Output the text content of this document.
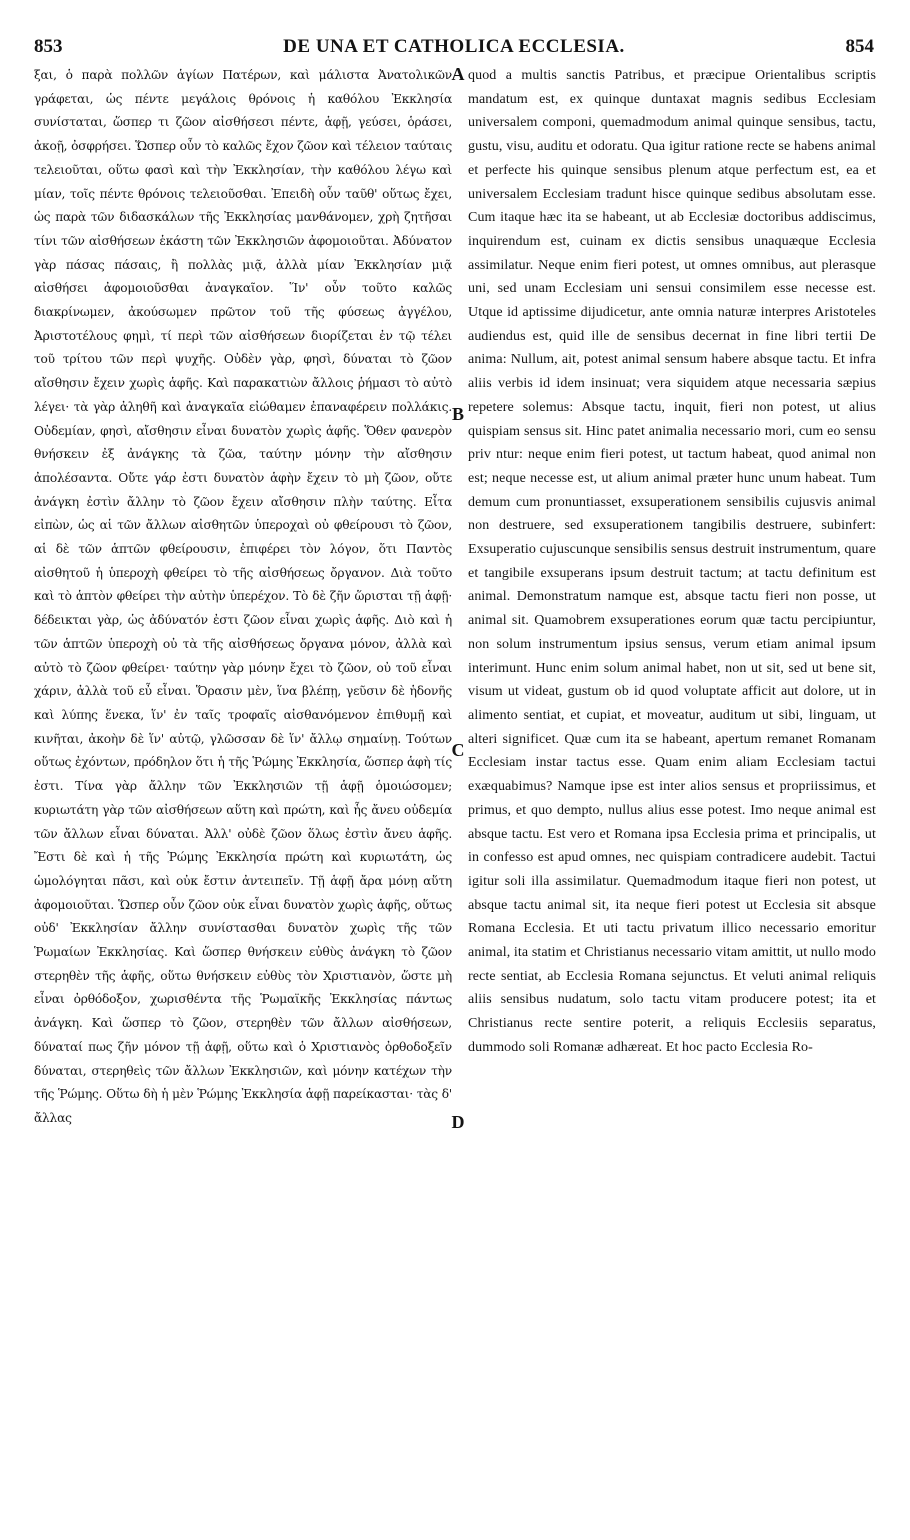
853	DE UNA ET CATHOLICA ECCLESIA.	854

ξαι, ὁ παρὰ πολλῶν ἁγίων Πατέρων, καὶ μάλιστα Ἀνατολικῶν γράφεται, ὡς πέντε μεγάλοις θρόνοις ἡ καθόλου Ἐκκλησία συνίσταται, ὥσπερ τι ζῶον αἰσθήσεσι πέντε, ἁφῇ, γεύσει, ὁράσει, ἀκοῇ, ὀσφρήσει. Ὥσπερ οὖν τὸ καλῶς ἔχον ζῶον καὶ τέλειον ταύταις τελειοῦται, οὕτω φασὶ καὶ τὴν Ἐκκλησίαν, τὴν καθόλου λέγω καὶ μίαν, τοῖς πέντε θρόνοις τελειοῦσθαι. Ἐπειδὴ οὖν ταῦθ' οὕτως ἔχει, ὡς παρὰ τῶν διδασκάλων τῆς Ἐκκλησίας μανθάνομεν, χρὴ ζητῆσαι τίνι τῶν αἰσθήσεων ἑκάστη τῶν Ἐκκλησιῶν ἀφομοιοῦται. Ἀδύνατον γὰρ πάσας πάσαις, ἢ πολλὰς μιᾷ, ἀλλὰ μίαν Ἐκκλησίαν μιᾷ αἰσθήσει ἀφομοιοῦσθαι ἀναγκαῖον. Ἵν' οὖν τοῦτο καλῶς διακρίνωμεν, ἀκούσωμεν πρῶτον τοῦ τῆς φύσεως ἀγγέλου, Ἀριστοτέλους φημὶ, τί περὶ τῶν αἰσθήσεων διορίζεται ἐν τῷ τέλει τοῦ τρίτου τῶν περὶ ψυχῆς. Οὐδὲν γὰρ, φησὶ, δύναται τὸ ζῶον αἴσθησιν ἔχειν χωρὶς ἁφῆς. Καὶ παρακατιὼν ἄλλοις ῥήμασι τὸ αὐτὸ λέγει· τὰ γὰρ ἀληθῆ καὶ ἀναγκαῖα εἰώθαμεν ἐπαναφέρειν πολλάκις. Οὐδεμίαν, φησὶ, αἴσθησιν εἶναι δυνατὸν χωρὶς ἁφῆς. Ὅθεν φανερὸν θνήσκειν ἐξ ἀνάγκης τὰ ζῶα, ταύτην μόνην τὴν αἴσθησιν ἀπολέσαντα. Οὔτε γάρ ἐστι δυνατὸν ἁφὴν ἔχειν τὸ μὴ ζῶον, οὔτε ἀνάγκη ἐστὶν ἄλλην τὸ ζῶον ἔχειν αἴσθησιν πλὴν ταύτης. Εἶτα εἰπὼν, ὡς αἱ τῶν ἄλλων αἰσθητῶν ὑπεροχαὶ οὐ φθείρουσι τὸ ζῶον, αἱ δὲ τῶν ἁπτῶν φθείρουσιν, ἐπιφέρει τὸν λόγον, ὅτι Παντὸς αἰσθητοῦ ἡ ὑπεροχὴ φθείρει τὸ τῆς αἰσθήσεως ὄργανον. Διὰ τοῦτο καὶ τὸ ἁπτὸν φθείρει τὴν αὐτὴν ὑπερέχον. Τὸ δὲ ζῆν ὥρισται τῇ ἁφῇ· δέδεικται γὰρ, ὡς ἀδύνατόν ἐστι ζῶον εἶναι χωρὶς ἁφῆς. Διὸ καὶ ἡ τῶν ἁπτῶν ὑπεροχὴ οὐ τὰ τῆς αἰσθήσεως ὄργανα μόνον, ἀλλὰ καὶ αὐτὸ τὸ ζῶον φθείρει· ταύτην γὰρ μόνην ἔχει τὸ ζῶον, οὐ τοῦ εἶναι χάριν, ἀλλὰ τοῦ εὖ εἶναι. Ὅρασιν μὲν, ἵνα βλέπῃ, γεῦσιν δὲ ἡδονῆς καὶ λύπης ἕνεκα, ἵν' ἐν ταῖς τροφαῖς αἰσθανόμενον ἐπιθυμῇ καὶ κινῆται, ἀκοὴν δὲ ἵν' αὐτῷ, γλῶσσαν δὲ ἵν' ἄλλῳ σημαίνῃ. Τούτων οὕτως ἐχόντων, πρόδηλον ὅτι ἡ τῆς Ῥώμης Ἐκκλησία, ὥσπερ ἁφὴ τίς ἐστι. Τίνα γὰρ ἄλλην τῶν Ἐκκλησιῶν τῇ ἁφῇ ὁμοιώσομεν; κυριωτάτη γὰρ τῶν αἰσθήσεων αὕτη καὶ πρώτη, καὶ ἧς ἄνευ οὐδεμία τῶν ἄλλων εἶναι δύναται. Ἀλλ' οὐδὲ ζῶον ὅλως ἐστὶν ἄνευ ἁφῆς. Ἔστι δὲ καὶ ἡ τῆς Ῥώμης Ἐκκλησία πρώτη καὶ κυριωτάτη, ὡς ὡμολόγηται πᾶσι, καὶ οὐκ ἔστιν ἀντειπεῖν. Τῇ ἁφῇ ἄρα μόνῃ αὕτη ἀφομοιοῦται. Ὥσπερ οὖν ζῶον οὐκ εἶναι δυνατὸν χωρὶς ἁφῆς, οὕτως οὐδ' Ἐκκλησίαν ἄλλην συνίστασθαι δυνατὸν χωρὶς τῆς τῶν Ῥωμαίων Ἐκκλησίας. Καὶ ὥσπερ θνήσκειν εὐθὺς ἀνάγκη τὸ ζῶον στερηθὲν τῆς ἁφῆς, οὕτω θνήσκειν εὐθὺς τὸν Χριστιανὸν, ὥστε μὴ εἶναι ὀρθόδοξον, χωρισθέντα τῆς Ῥωμαϊκῆς Ἐκκλησίας πάντως ἀνάγκη. Καὶ ὥσπερ τὸ ζῶον, στερηθὲν τῶν ἄλλων αἰσθήσεων, δύναταί πως ζῆν μόνον τῇ ἁφῇ, οὕτω καὶ ὁ Χριστιανὸς ὀρθοδοξεῖν δύναται, στερηθεὶς τῶν ἄλλων Ἐκκλησιῶν, καὶ μόνην κατέχων τὴν τῆς Ῥώμης. Οὕτω δὴ ἡ μὲν Ῥώμης Ἐκκλησία ἁφῇ παρείκασται· τὰς δ' ἄλλας

A
B
C
D

quod a multis sanctis Patribus, et præcipue Orientalibus scriptis mandatum est, ex quinque duntaxat magnis sedibus Ecclesiam universalem componi, quemadmodum animal quinque sensibus, tactu, gustu, visu, auditu et odoratu. Qua igitur ratione recte se habens animal et perfecte his quinque sensibus plenum atque perfectum est, ea et universalem Ecclesiam tradunt hisce quinque sedibus absolutam esse. Cum itaque hæc ita se habeant, ut ab Ecclesiæ doctoribus addiscimus, inquirendum est, cuinam ex dictis sensibus unaquæque Ecclesia assimilatur. Neque enim fieri potest, ut omnes omnibus, aut plerasque uni, sed unam Ecclesiam uni sensui consimilem esse necesse est. Utque id aptissime dijudicetur, ante omnia naturæ interpres Aristoteles audiendus est, quid ille de sensibus decernat in fine libri tertii De anima: Nullum, ait, potest animal sensum habere absque tactu. Et infra aliis verbis id idem insinuat; vera siquidem atque necessaria sæpius repetere solemus: Absque tactu, inquit, fieri non potest, ut alius quispiam sensus sit. Hinc patet animalia necessario mori, cum eo sensu priv ntur: neque enim fieri potest, ut tactum habeat, quod animal non est; neque necesse est, ut alium animal præter hunc unum habeat. Tum demum cum pronuntiasset, exsuperationem sensibilis cujusvis animal non destruere, sed exsuperationem tangibilis destruere, subinfert: Exsuperatio cujuscunque sensibilis sensus destruit instrumentum, quare et tangibile exsuperans ipsum destruit tactum; at tactu definitum est animal. Demonstratum namque est, absque tactu fieri non posse, ut animal sit. Quamobrem exsuperationes eorum quæ tactu percipiuntur, non solum instrumentum ipsius sensus, verum etiam animal ipsum interimunt. Hunc enim solum animal habet, non ut sit, sed ut bene sit, visum ut videat, gustum ob id quod voluptate afficit aut dolore, ut in alimento sentiat, et cupiat, et moveatur, auditum ut sibi, linguam, ut alteri significet. Quæ cum ita se habeant, apertum remanet Romanam Ecclesiam instar tactus esse. Quam enim aliam Ecclesiam tactui exæquabimus? Namque ipse est inter alios sensus et propriissimus, et primus, et quo dempto, nullus alius esse potest. Imo neque animal est absque tactu. Est vero et Romana ipsa Ecclesia prima et principalis, ut in confesso est apud omnes, nec quispiam contradicere audebit. Tactui igitur soli illa assimilatur. Quemadmodum itaque fieri non potest, ut absque tactu animal sit, ita neque fieri potest ut Ecclesia sit absque Romana Ecclesia. Et uti tactu privatum illico necessario emoritur animal, ita statim et Christianus necessario vitam amittit, ut nullo modo recte sentiat, ab Ecclesia Romana sejunctus. Et veluti animal reliquis aliis sensibus nudatum, solo tactu vitam producere potest; ita et Christianus recte sentire poterit, a reliquis Ecclesiis separatus, dummodo soli Romanæ adhæreat. Et hoc pacto Ecclesia Ro-
